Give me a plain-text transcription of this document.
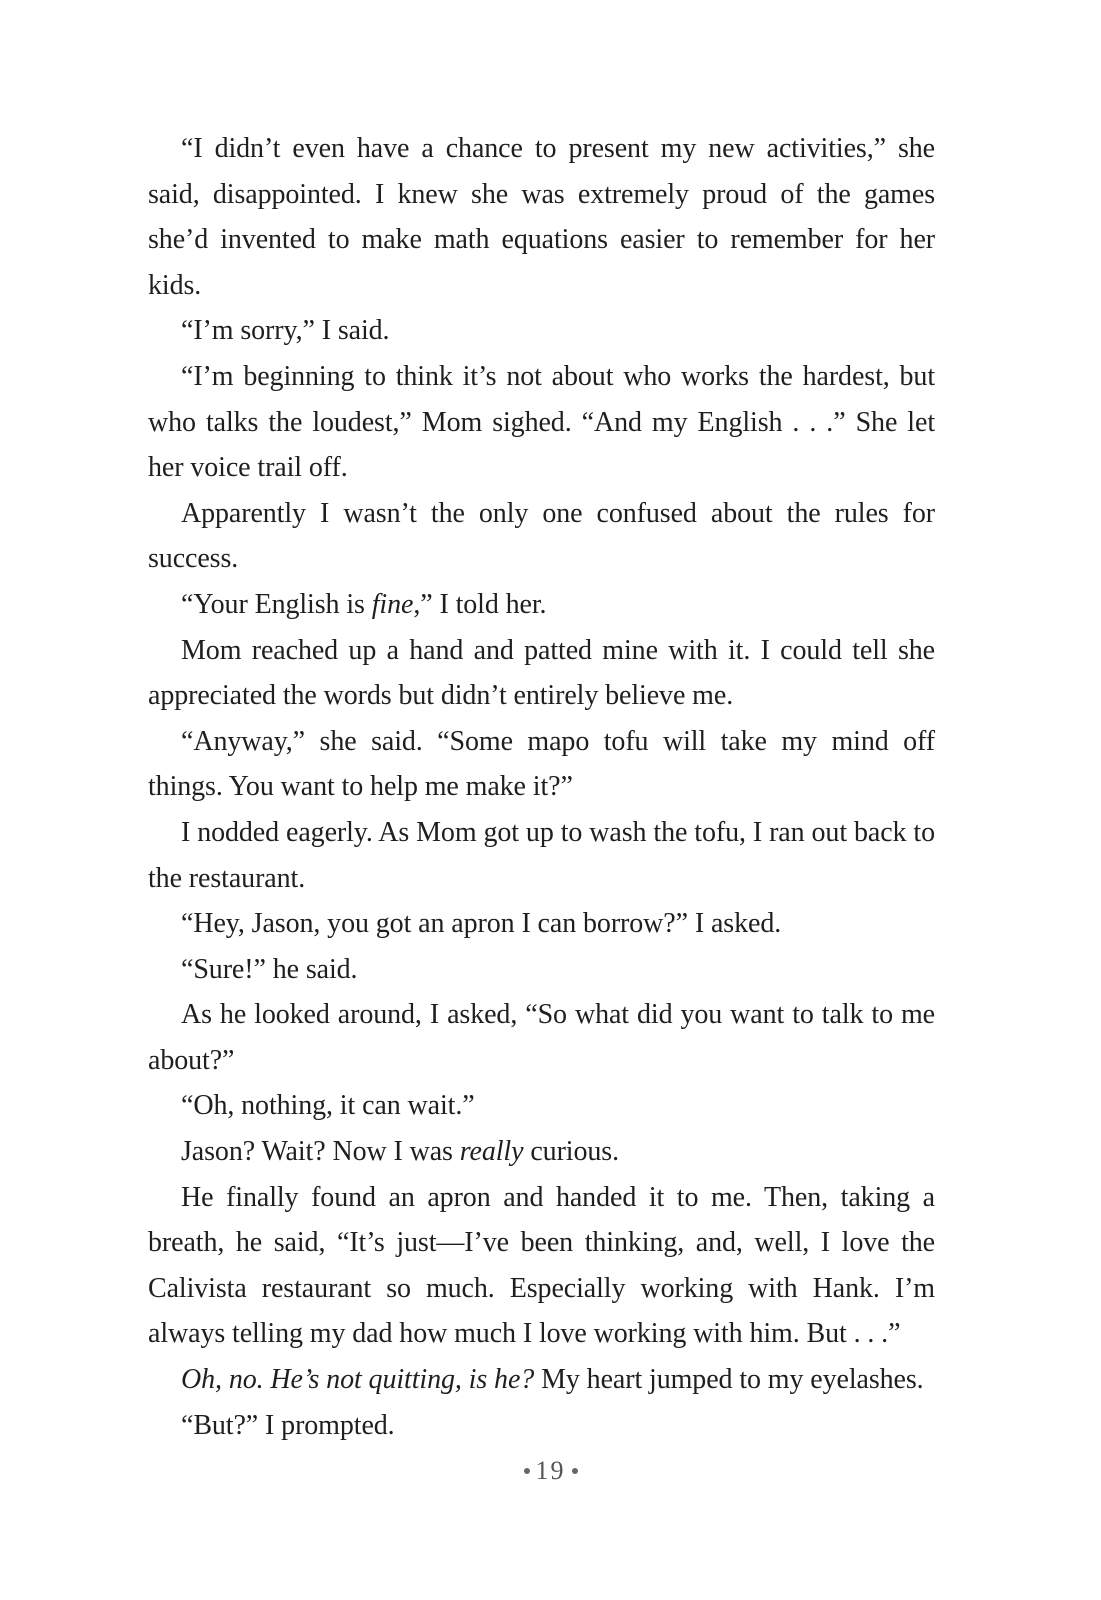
“I didn’t even have a chance to present my new activities,” she said, disappointed. I knew she was extremely proud of the games she’d invented to make math equations easier to remember for her kids.

“I’m sorry,” I said.

“I’m beginning to think it’s not about who works the hardest, but who talks the loudest,” Mom sighed. “And my English . . .” She let her voice trail off.

Apparently I wasn’t the only one confused about the rules for success.

“Your English is fine,” I told her.

Mom reached up a hand and patted mine with it. I could tell she appreciated the words but didn’t entirely believe me.

“Anyway,” she said. “Some mapo tofu will take my mind off things. You want to help me make it?”

I nodded eagerly. As Mom got up to wash the tofu, I ran out back to the restaurant.

“Hey, Jason, you got an apron I can borrow?” I asked.

“Sure!” he said.

As he looked around, I asked, “So what did you want to talk to me about?”

“Oh, nothing, it can wait.”

Jason? Wait? Now I was really curious.

He finally found an apron and handed it to me. Then, taking a breath, he said, “It’s just—I’ve been thinking, and, well, I love the Calivista restaurant so much. Especially working with Hank. I’m always telling my dad how much I love working with him. But . . .”

Oh, no. He’s not quitting, is he? My heart jumped to my eyelashes.

“But?” I prompted.

19
